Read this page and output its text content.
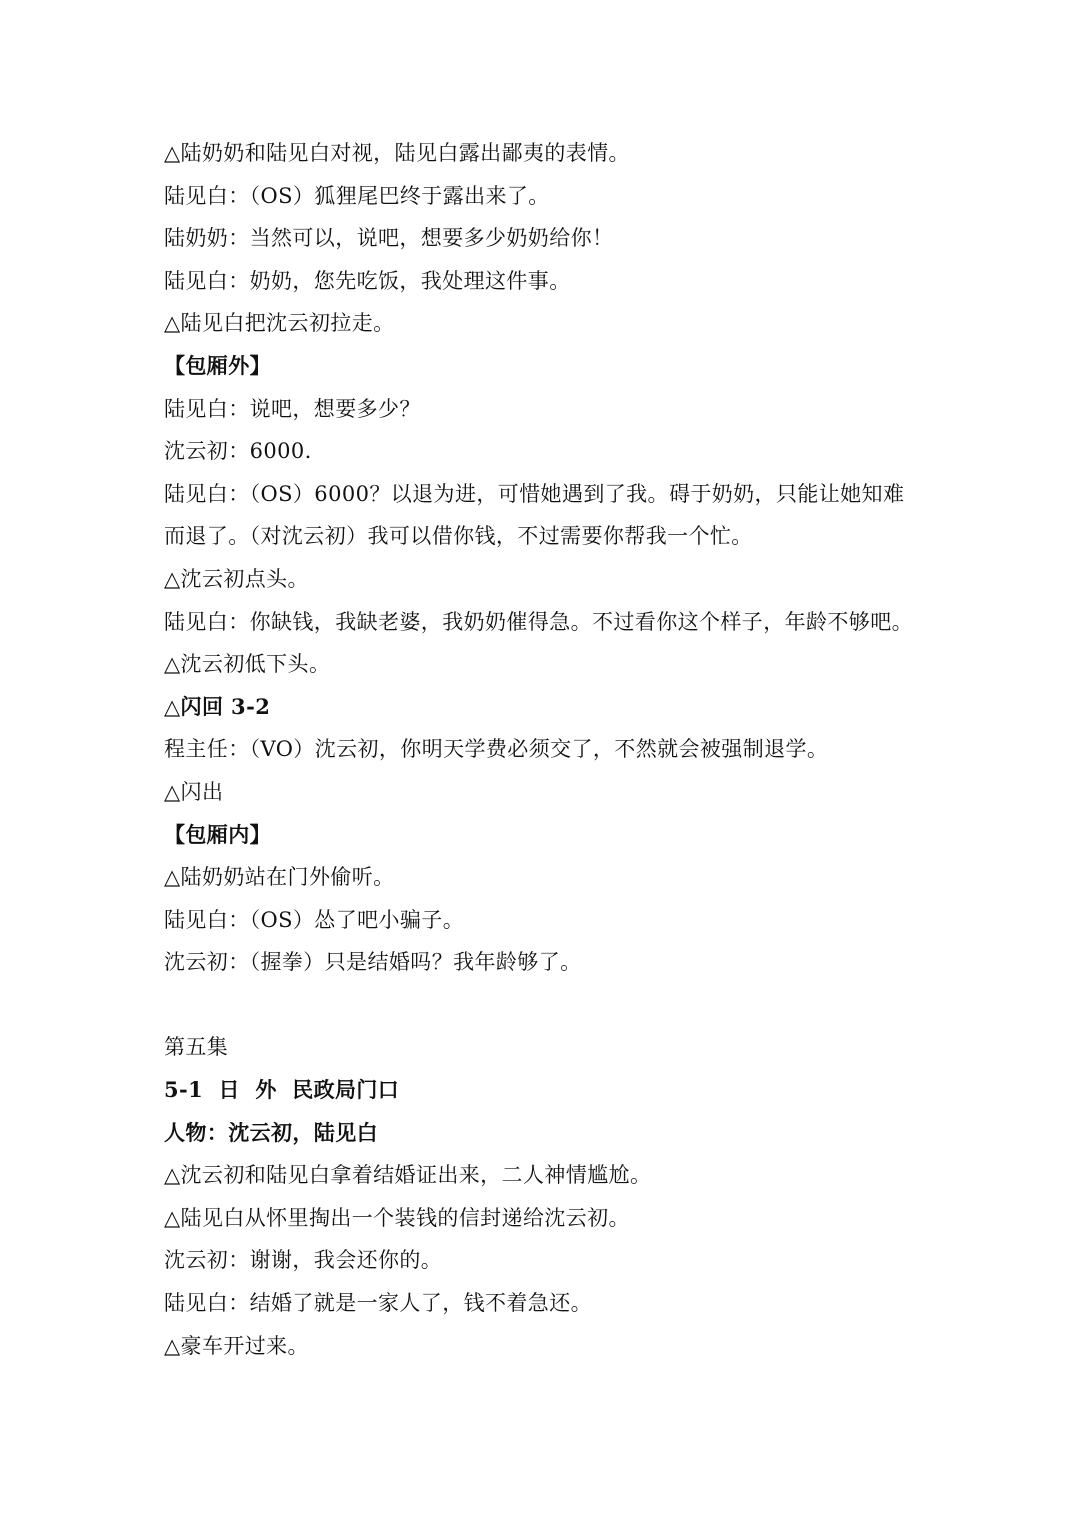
△陆奶奶和陆见白对视，陆见白露出鄙夷的表情。
陆见白：（OS）狐狸尾巴终于露出来了。
陆奶奶：当然可以，说吧，想要多少奶奶给你！
陆见白：奶奶，您先吃饭，我处理这件事。
△陆见白把沈云初拉走。
【包厢外】
陆见白：说吧，想要多少？
沈云初：6000.
陆见白：（OS）6000？以退为进，可惜她遇到了我。碍于奶奶，只能让她知难而退了。（对沈云初）我可以借你钱，不过需要你帮我一个忙。
△沈云初点头。
陆见白：你缺钱，我缺老婆，我奶奶催得急。不过看你这个样子，年龄不够吧。
△沈云初低下头。
△闪回 3-2
程主任：（VO）沈云初，你明天学费必须交了，不然就会被强制退学。
△闪出
【包厢内】
△陆奶奶站在门外偷听。
陆见白：（OS）怂了吧小骗子。
沈云初：（握拳）只是结婚吗？我年龄够了。
第五集
5-1  日  外  民政局门口
人物：沈云初，陆见白
△沈云初和陆见白拿着结婚证出来，二人神情尴尬。
△陆见白从怀里掏出一个装钱的信封递给沈云初。
沈云初：谢谢，我会还你的。
陆见白：结婚了就是一家人了，钱不着急还。
△豪车开过来。
